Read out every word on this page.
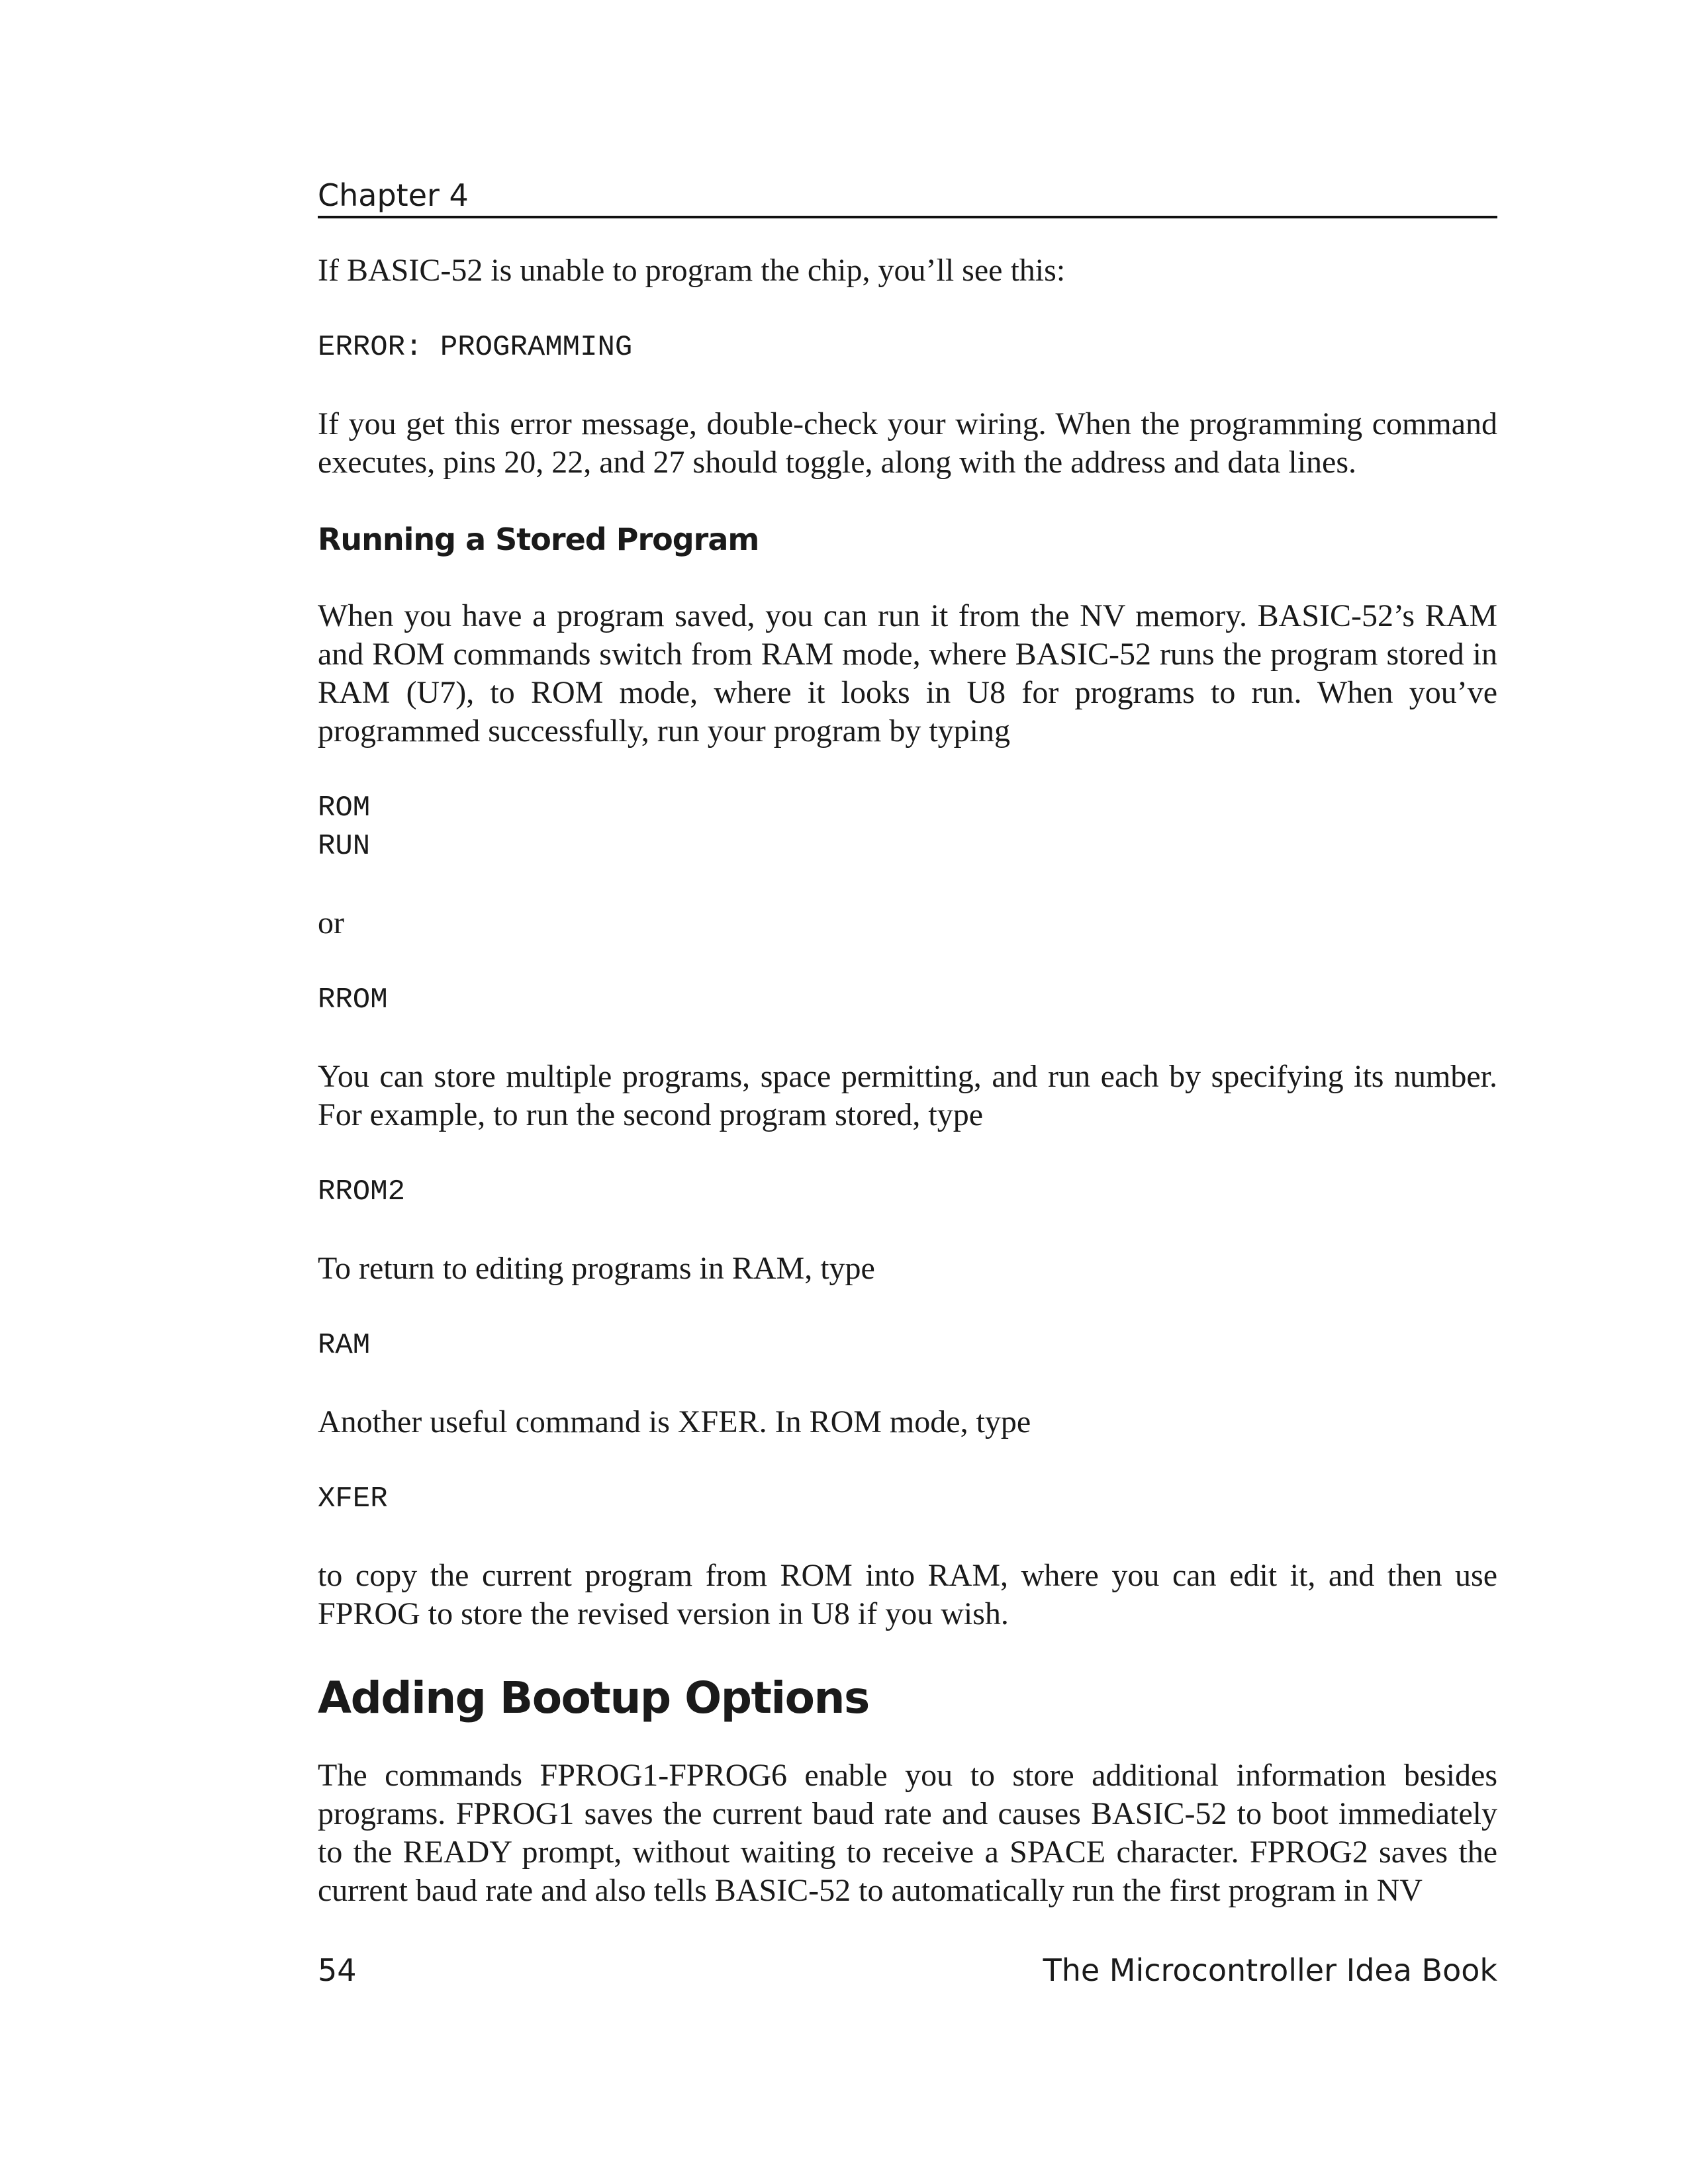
Chapter 4

If BASIC-52 is unable to program the chip, you’ll see this:

ERROR: PROGRAMMING

If you get this error message, double-check your wiring. When the programming command executes, pins 20, 22, and 27 should toggle, along with the address and data lines.

Running a Stored Program

When you have a program saved, you can run it from the NV memory. BASIC-52’s RAM and ROM commands switch from RAM mode, where BASIC-52 runs the program stored in RAM (U7), to ROM mode, where it looks in U8 for programs to run. When you’ve programmed successfully, run your program by typing

ROM
RUN

or

RROM

You can store multiple programs, space permitting, and run each by specifying its number. For example, to run the second program stored, type

RROM2

To return to editing programs in RAM, type

RAM

Another useful command is XFER. In ROM mode, type

XFER

to copy the current program from ROM into RAM, where you can edit it, and then use FPROG to store the revised version in U8 if you wish.

Adding Bootup Options

The commands FPROG1-FPROG6 enable you to store additional information besides programs. FPROG1 saves the current baud rate and causes BASIC-52 to boot immediately to the READY prompt, without waiting to receive a SPACE character. FPROG2 saves the current baud rate and also tells BASIC-52 to automatically run the first program in NV

54	The Microcontroller Idea Book
